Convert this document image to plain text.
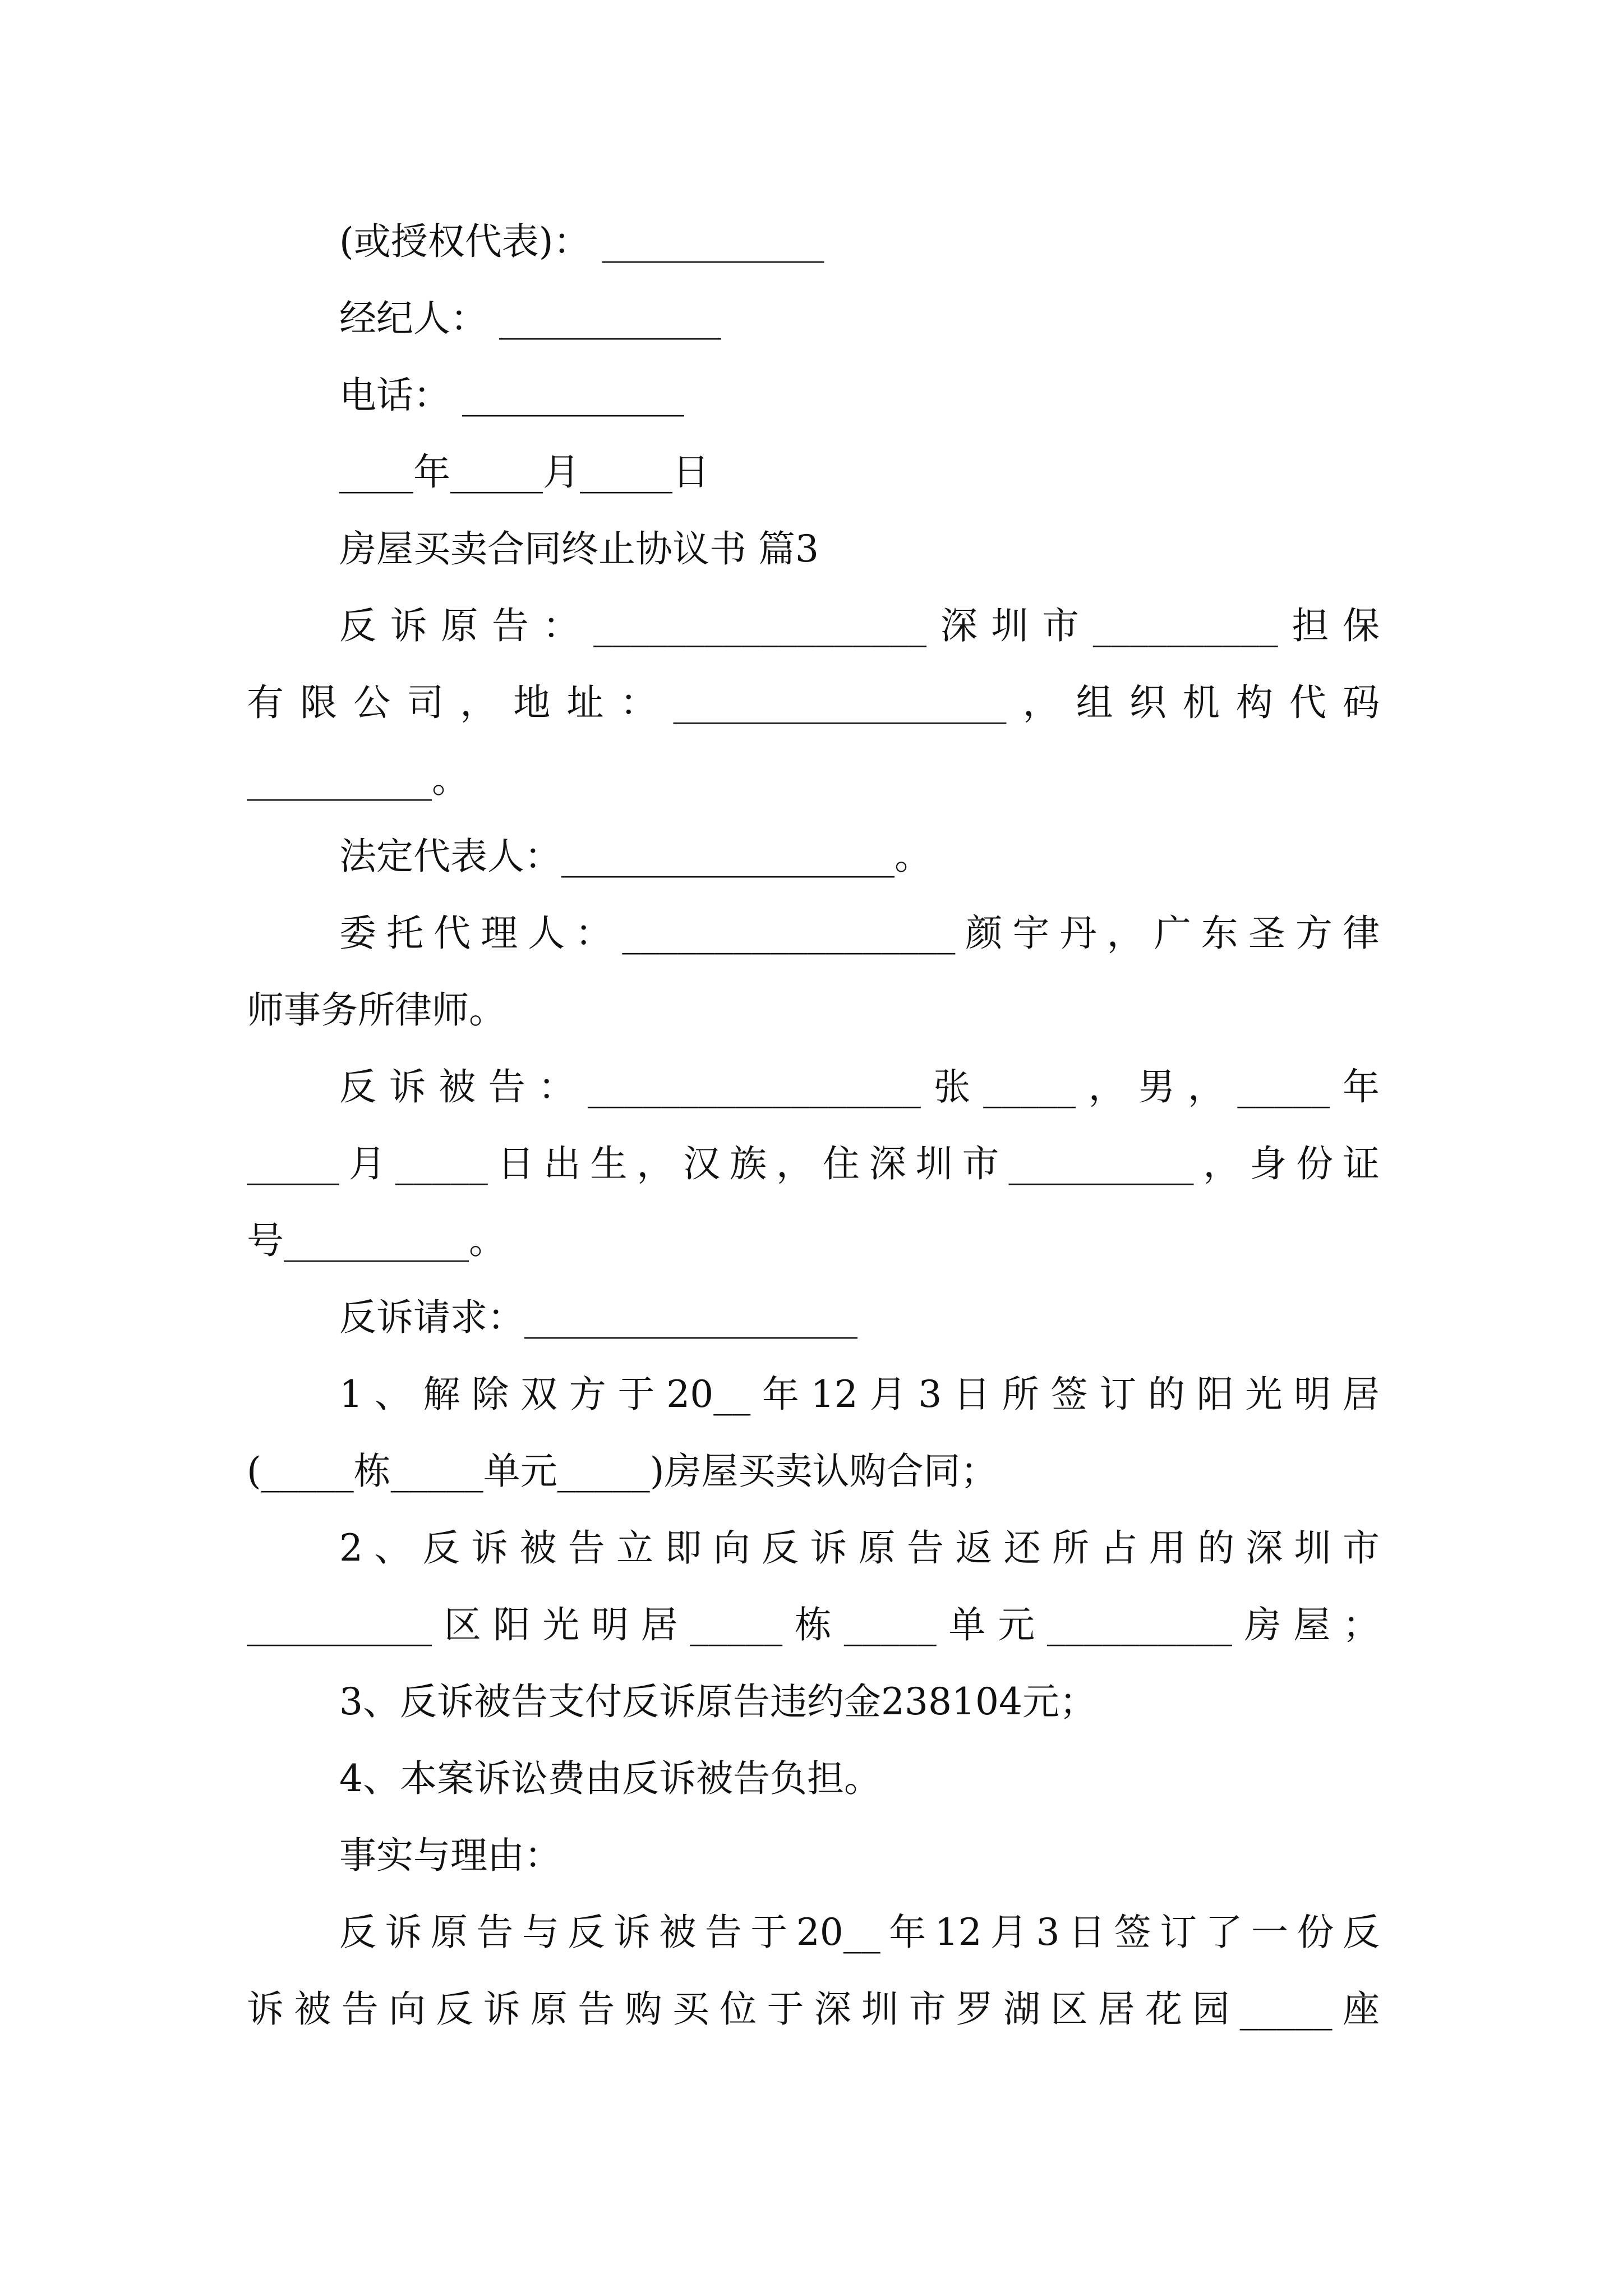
(或授权代表)： ____________
经纪人： ____________
电话： ____________
____年_____月_____日
房屋买卖合同终止协议书 篇3
反诉原告：__________________深圳市__________担保
有限公司，地址：__________________，组织机构代码
__________。
法定代表人：__________________。
委托代理人：__________________颜宇丹，广东圣方律
师事务所律师。
反诉被告：__________________张_____，男，_____年
_____月_____日出生，汉族，住深圳市__________，身份证
号__________。
反诉请求：__________________
1、解除双方于20__年12月3日所签订的阳光明居
(_____栋_____单元_____)房屋买卖认购合同；
2、反诉被告立即向反诉原告返还所占用的深圳市
__________区阳光明居_____栋_____单元__________房屋；
3、反诉被告支付反诉原告违约金238104元；
4、本案诉讼费由反诉被告负担。
事实与理由：
反诉原告与反诉被告于20__年12月3日签订了一份反
诉被告向反诉原告购买位于深圳市罗湖区居花园_____座
